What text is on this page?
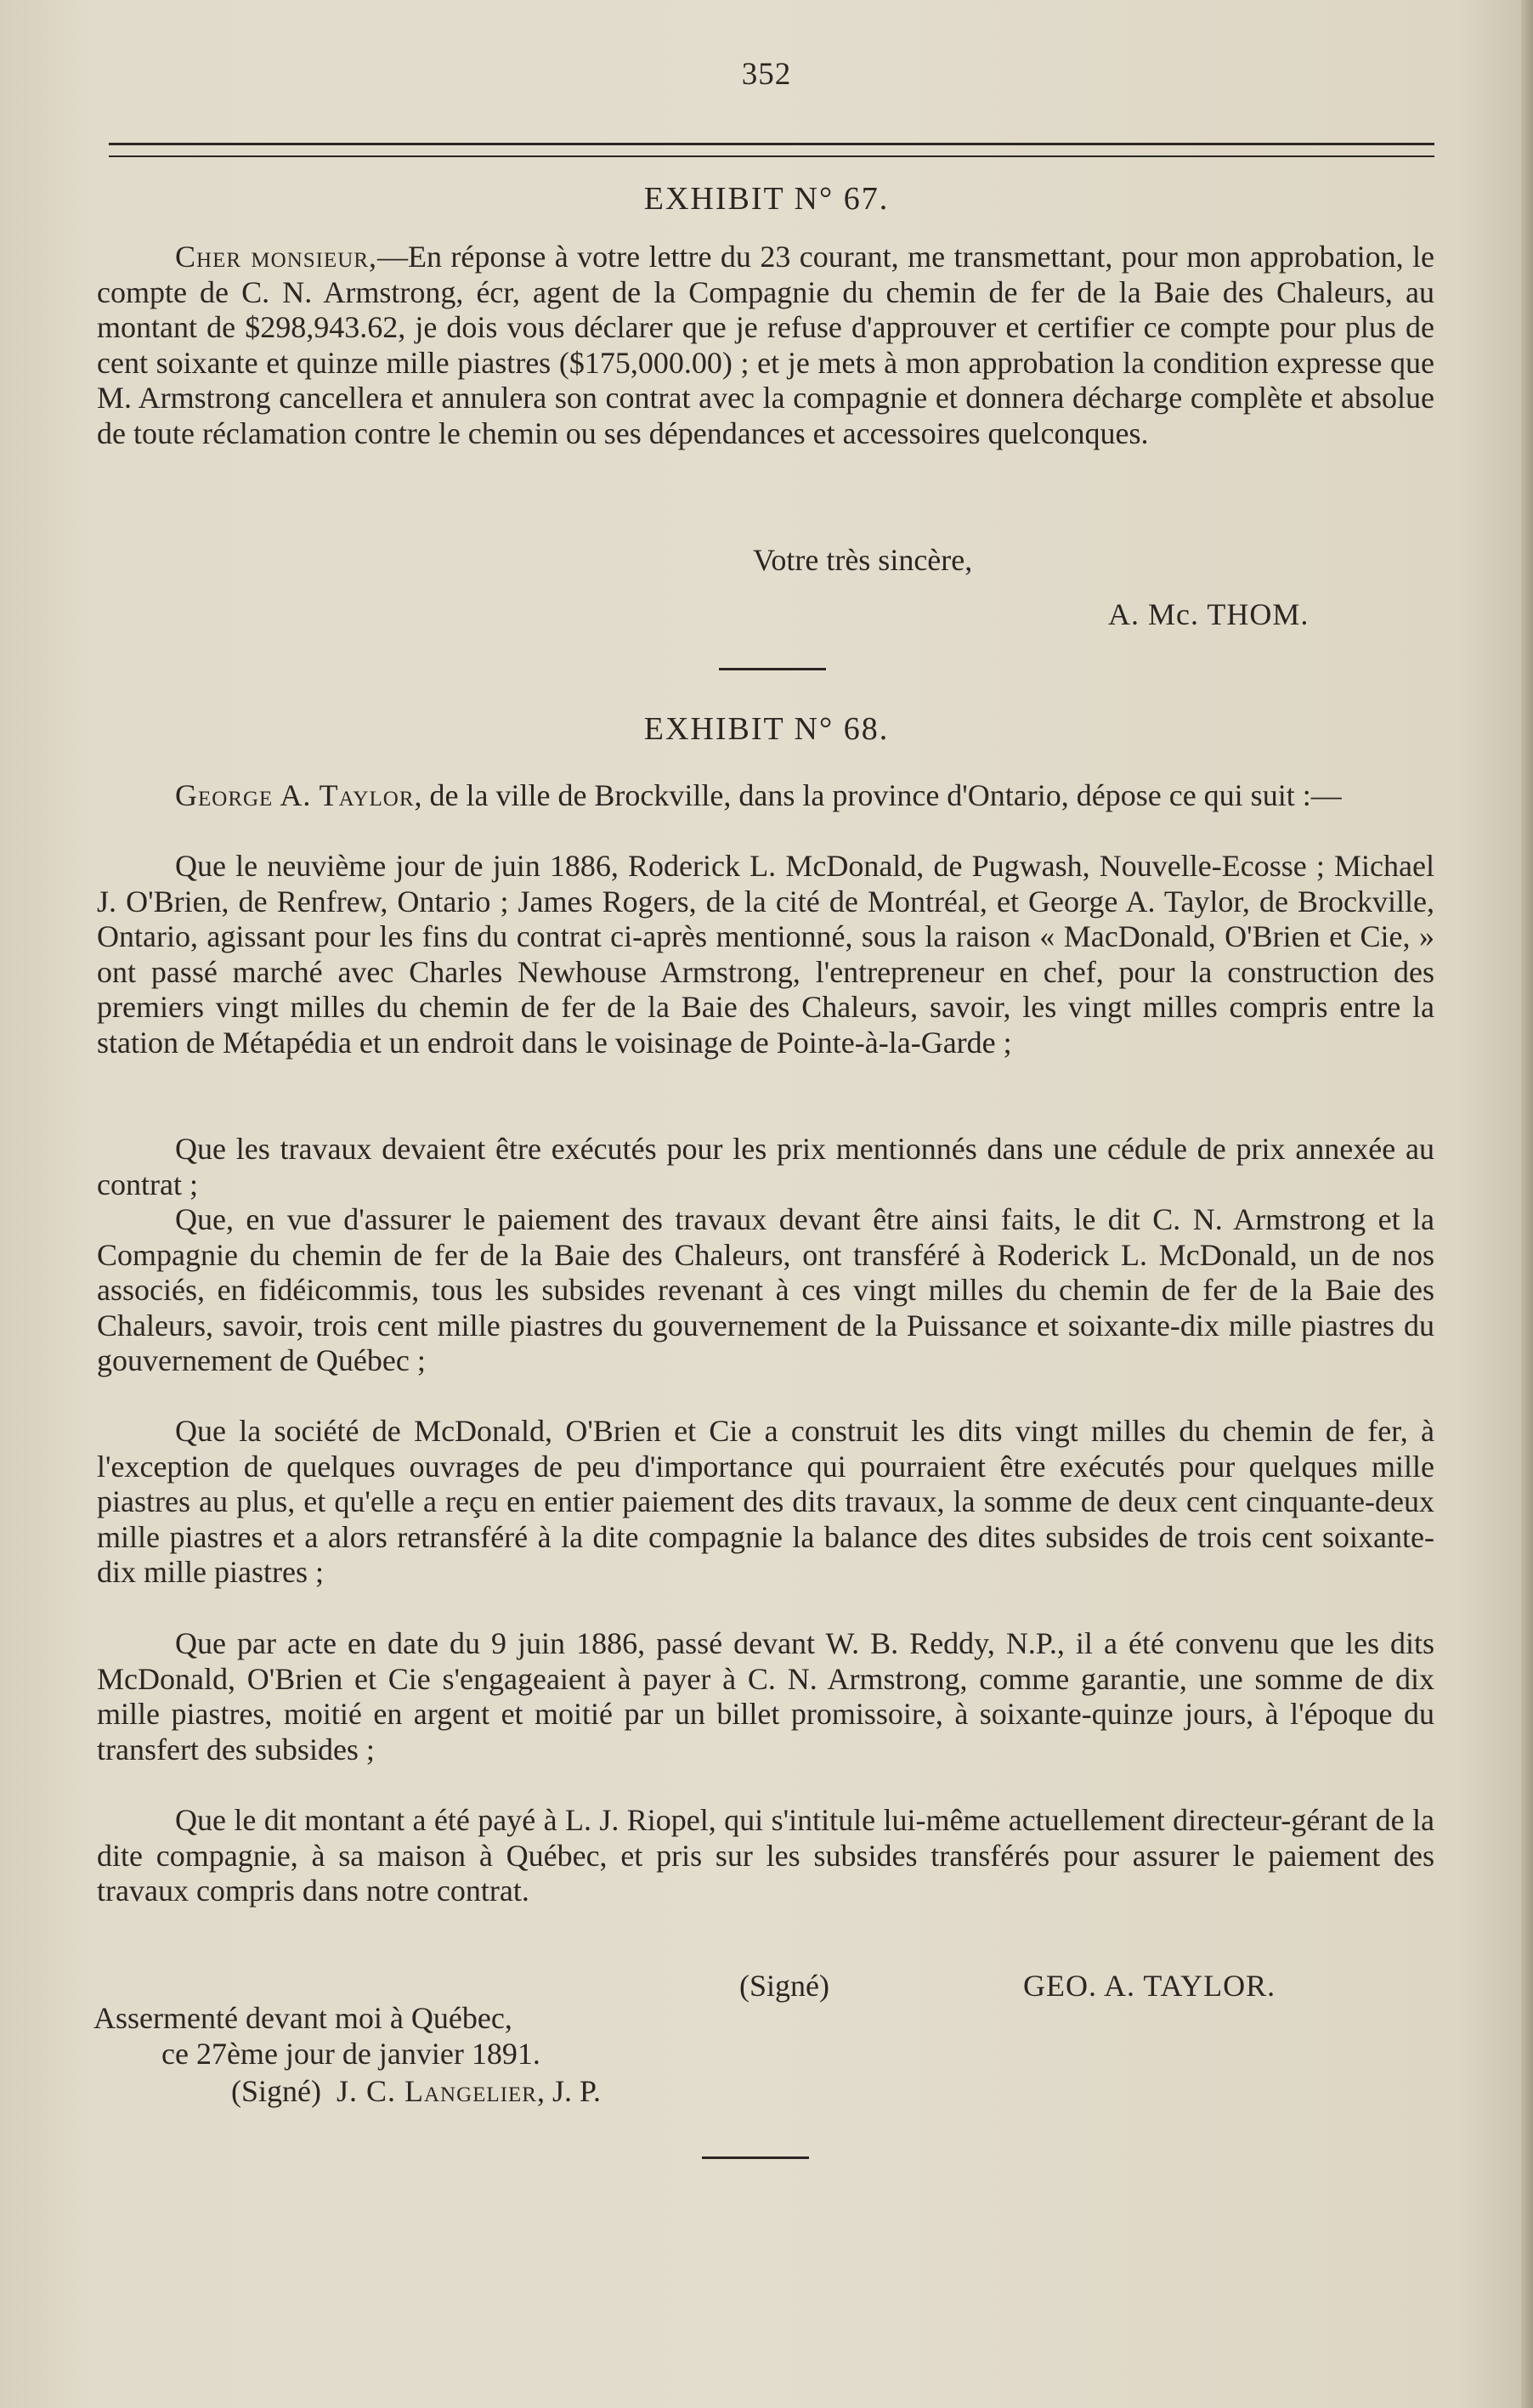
352
EXHIBIT N° 67.
Cher monsieur,—En réponse à votre lettre du 23 courant, me transmettant, pour mon approbation, le compte de C. N. Armstrong, écr, agent de la Compagnie du chemin de fer de la Baie des Chaleurs, au montant de $298,943.62, je dois vous déclarer que je refuse d'approuver et certifier ce compte pour plus de cent soixante et quinze mille piastres ($175,000.00) ; et je mets à mon approbation la condition expresse que M. Armstrong cancellera et annulera son contrat avec la compagnie et donnera décharge complète et absolue de toute réclamation contre le chemin ou ses dépendances et accessoires quelconques.
Votre très sincère,
A. Mc. THOM.
EXHIBIT N° 68.
George A. Taylor, de la ville de Brockville, dans la province d'Ontario, dépose ce qui suit :—
Que le neuvième jour de juin 1886, Roderick L. McDonald, de Pugwash, Nouvelle-Ecosse ; Michael J. O'Brien, de Renfrew, Ontario ; James Rogers, de la cité de Montréal, et George A. Taylor, de Brockville, Ontario, agissant pour les fins du contrat ci-après mentionné, sous la raison « MacDonald, O'Brien et Cie, » ont passé marché avec Charles Newhouse Armstrong, l'entrepreneur en chef, pour la construction des premiers vingt milles du chemin de fer de la Baie des Chaleurs, savoir, les vingt milles compris entre la station de Métapédia et un endroit dans le voisinage de Pointe-à-la-Garde ;
Que les travaux devaient être exécutés pour les prix mentionnés dans une cédule de prix annexée au contrat ;
Que, en vue d'assurer le paiement des travaux devant être ainsi faits, le dit C. N. Armstrong et la Compagnie du chemin de fer de la Baie des Chaleurs, ont transféré à Roderick L. McDonald, un de nos associés, en fidéicommis, tous les subsides revenant à ces vingt milles du chemin de fer de la Baie des Chaleurs, savoir, trois cent mille piastres du gouvernement de la Puissance et soixante-dix mille piastres du gouvernement de Québec ;
Que la société de McDonald, O'Brien et Cie a construit les dits vingt milles du chemin de fer, à l'exception de quelques ouvrages de peu d'importance qui pourraient être exécutés pour quelques mille piastres au plus, et qu'elle a reçu en entier paiement des dits travaux, la somme de deux cent cinquante-deux mille piastres et a alors retransféré à la dite compagnie la balance des dites subsides de trois cent soixante-dix mille piastres ;
Que par acte en date du 9 juin 1886, passé devant W. B. Reddy, N.P., il a été convenu que les dits McDonald, O'Brien et Cie s'engageaient à payer à C. N. Armstrong, comme garantie, une somme de dix mille piastres, moitié en argent et moitié par un billet promissoire, à soixante-quinze jours, à l'époque du transfert des subsides ;
Que le dit montant a été payé à L. J. Riopel, qui s'intitule lui-même actuellement directeur-gérant de la dite compagnie, à sa maison à Québec, et pris sur les subsides transférés pour assurer le paiement des travaux compris dans notre contrat.
(Signé)	GEO. A. TAYLOR.
Assermenté devant moi à Québec,
ce 27ème jour de janvier 1891.
(Signé) J. C. Langelier, J. P.
